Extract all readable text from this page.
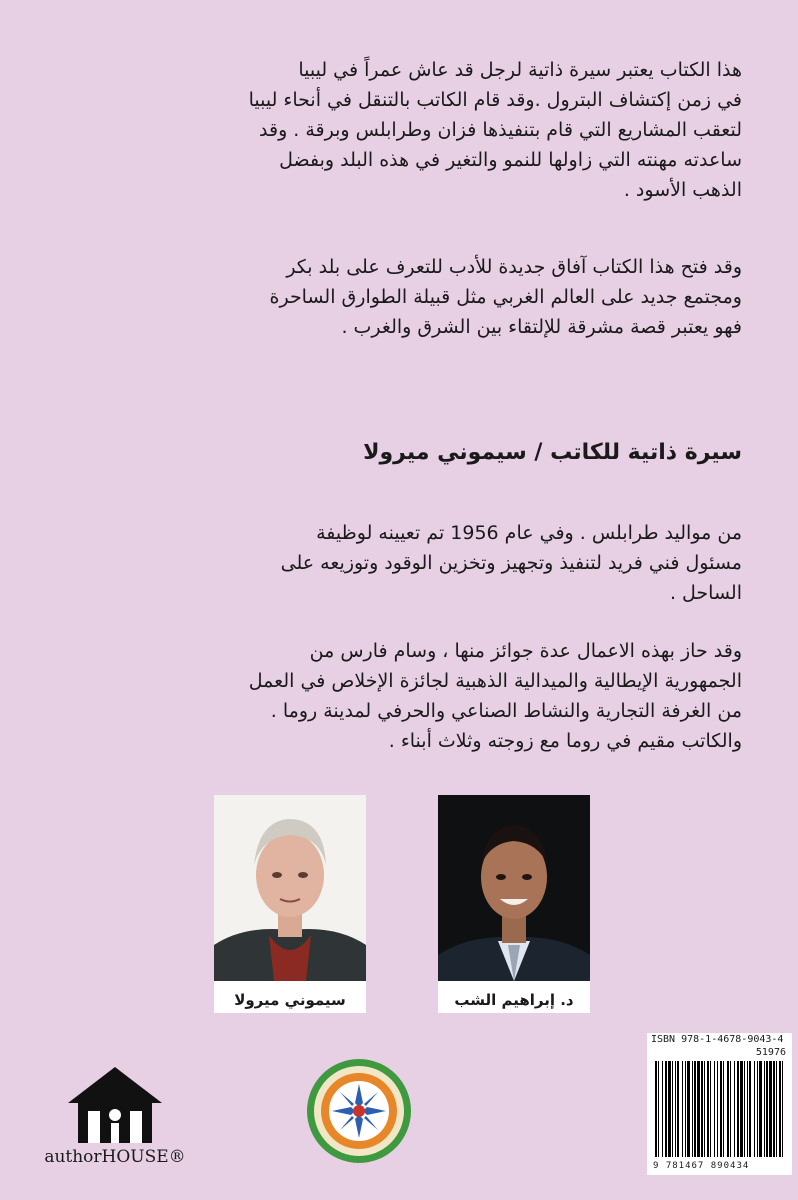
هذا الكتاب يعتبر سيرة ذاتية لرجل قد عاش عمراً في ليبيا
في زمن إكتشاف البترول .وقد قام الكاتب بالتنقل في أنحاء ليبيا
لتعقب المشاريع التي قام بتنفيذها فزان وطرابلس وبرقة . وقد
ساعدته مهنته التي زاولها للنمو والتغير في هذه البلد وبفضل
الذهب الأسود .
وقد فتح هذا الكتاب آفاق جديدة للأدب للتعرف على بلد بكر
ومجتمع جديد على العالم الغربي مثل قبيلة الطوارق الساحرة
فهو يعتبر قصة مشرقة للإلتقاء بين الشرق والغرب .
سيرة ذاتية للكاتب / سيموني ميرولا
من مواليد طرابلس . وفي عام 1956 تم تعيينه لوظيفة
مسئول فني فريد لتنفيذ وتجهيز وتخزين الوقود وتوزيعه على
الساحل .
وقد حاز بهذه الاعمال عدة جوائز منها ، وسام فارس من
الجمهورية الإيطالية والميدالية الذهبية لجائزة الإخلاص في العمل
من الغرفة التجارية والنشاط الصناعي والحرفي لمدينة روما .
والكاتب مقيم في روما مع زوجته وثلاث أبناء .
سيموني ميرولا	د. إبراهيم الشب
authorHOUSE®
ISBN 978-1-4678-9043-4
51976
9 781467 890434
